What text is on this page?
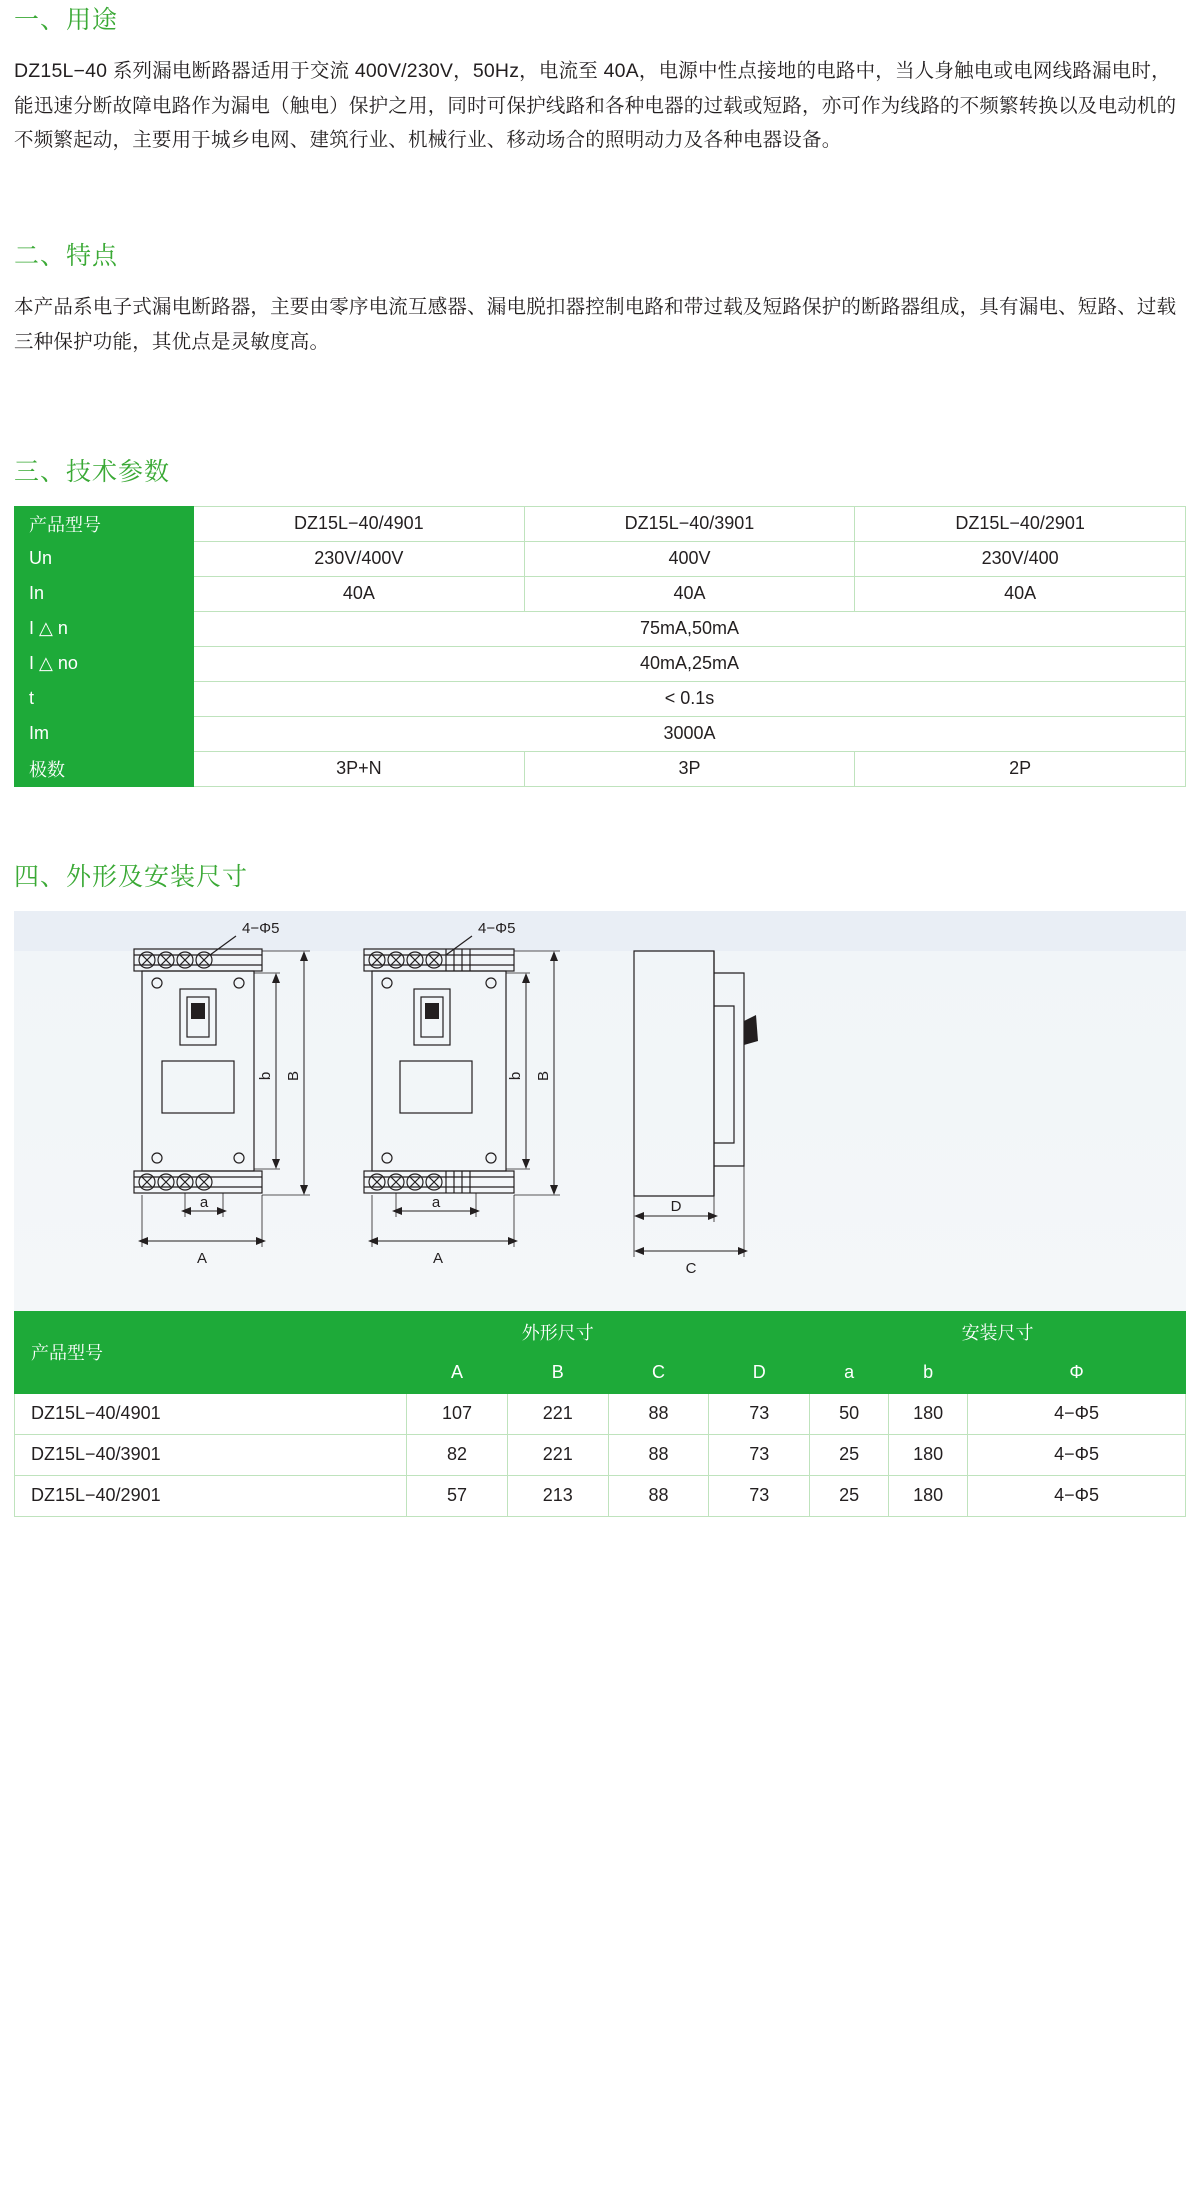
一、用途
DZ15L−40 系列漏电断路器适用于交流 400V/230V，50Hz，电流至 40A，电源中性点接地的电路中，当人身触电或电网线路漏电时，能迅速分断故障电路作为漏电（触电）保护之用，同时可保护线路和各种电器的过载或短路，亦可作为线路的不频繁转换以及电动机的不频繁起动，主要用于城乡电网、建筑行业、机械行业、移动场合的照明动力及各种电器设备。
二、特点
本产品系电子式漏电断路器，主要由零序电流互感器、漏电脱扣器控制电路和带过载及短路保护的断路器组成，具有漏电、短路、过载三种保护功能，其优点是灵敏度高。
三、技术参数
产品型号	DZ15L−40/4901	DZ15L−40/3901	DZ15L−40/2901
Un	230V/400V	400V	230V/400
In	40A	40A	40A
I △ n	75mA,50mA		
I △ no	40mA,25mA		
t	< 0.1s		
Im	3000A		
极数	3P+N	3P	2P
四、外形及安装尺寸
4−Φ5	4−Φ5
b B
a
A
b B
a
A
D
C
产品型号	外形尺寸				安装尺寸		
	A	B	C	D	a	b	Φ
DZ15L−40/4901	107	221	88	73	50	180	4−Φ5
DZ15L−40/3901	82	221	88	73	25	180	4−Φ5
DZ15L−40/2901	57	213	88	73	25	180	4−Φ5
